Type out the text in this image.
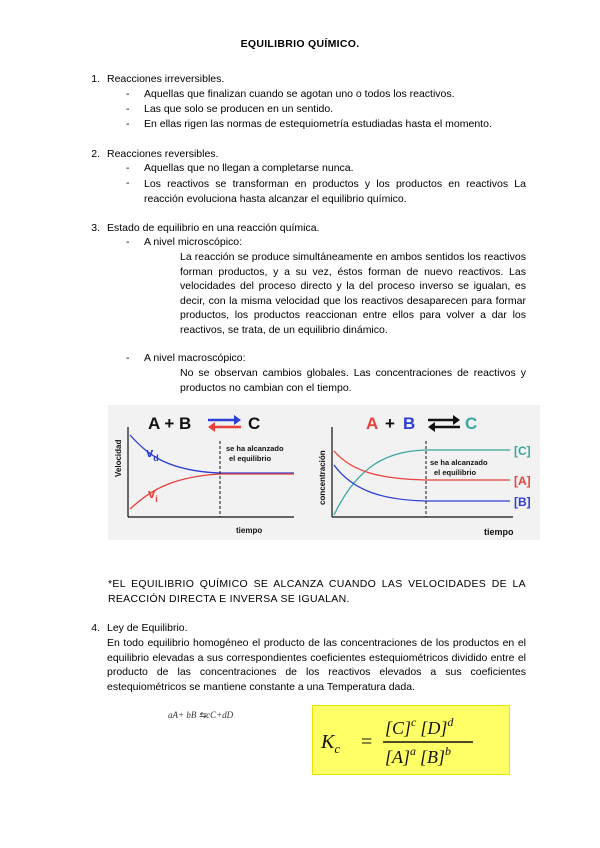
EQUILIBRIO QUÍMICO.
1. Reacciones irreversibles.
- Aquellas que finalizan cuando se agotan uno o todos los reactivos.
- Las que solo se producen en un sentido.
- En ellas rigen las normas de estequiometría estudiadas hasta el momento.
2. Reacciones reversibles.
- Aquellas que no llegan a completarse nunca.
- Los reactivos se transforman en productos y los productos en reactivos La reacción evoluciona hasta alcanzar el equilibrio químico.
3. Estado de equilibrio en una reacción química.
- A nivel microscópico:
La reacción se produce simultáneamente en ambos sentidos los reactivos forman productos, y a su vez, éstos forman de nuevo reactivos. Las velocidades del proceso directo y la del proceso inverso se igualan, es decir, con la misma velocidad que los reactivos desaparecen para formar productos, los productos reaccionan entre ellos para volver a dar los reactivos, se trata, de un equilibrio dinámico.
- A nivel macroscópico:
No se observan cambios globales. Las concentraciones de reactivos y productos no cambian con el tiempo.
A + B	C
Velocidad
tiempo
se ha alcanzado
el equilibrio
$v_d$
$v_i$
A + B	C
concentración
tiempo
se ha alcanzado
el equilibrio
[C]
[A]
[B]
*EL EQUILIBRIO QUÍMICO SE ALCANZA CUANDO LAS VELOCIDADES DE LA REACCIÓN DIRECTA E INVERSA SE IGUALAN.
4. Ley de Equilibrio.
En todo equilibrio homogéneo el producto de las concentraciones de los productos en el equilibrio elevadas a sus correspondientes coeficientes estequiométricos dividido entre el producto de las concentraciones de los reactivos elevados a sus coeficientes estequiométricos se mantiene constante a una Temperatura dada.
aA+ bB ⇆cC+dD
$K_c$ =
$[C]^c$ $[D]^d$
$[A]^a$ $[B]^b$
